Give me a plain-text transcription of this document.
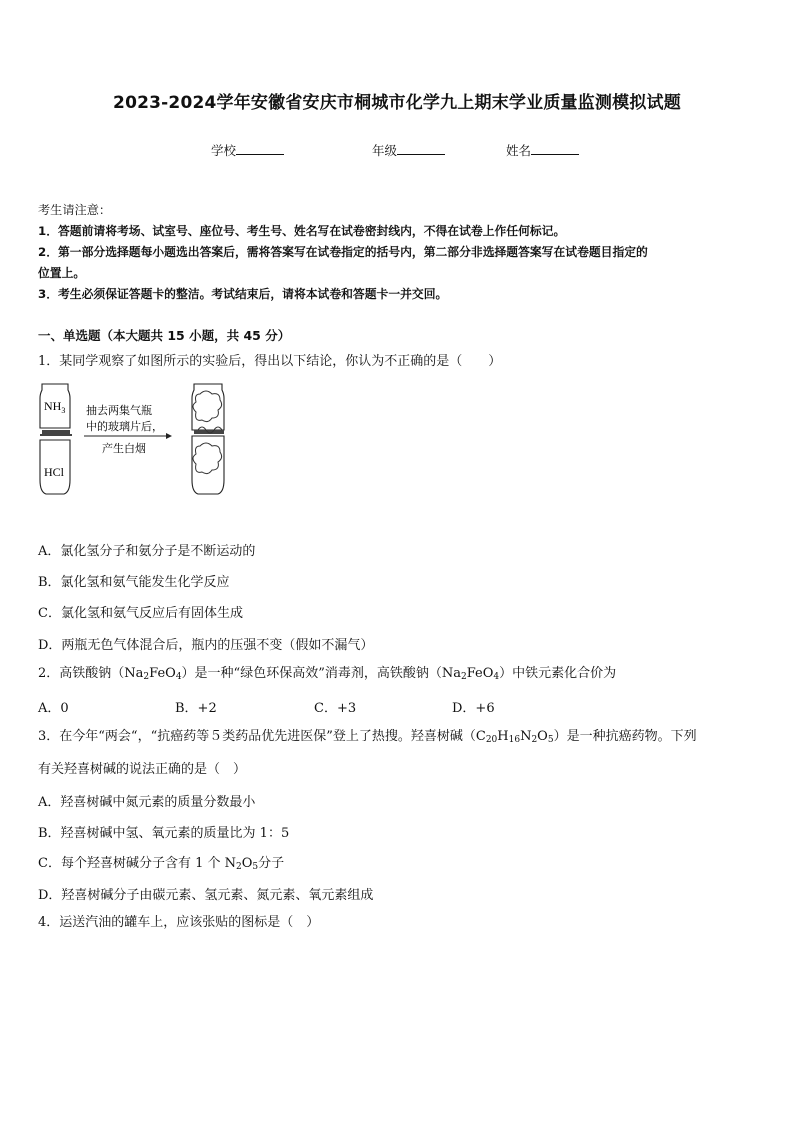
2023-2024学年安徽省安庆市桐城市化学九上期末学业质量监测模拟试题
学校	年级	姓名
考生请注意：
1．答题前请将考场、试室号、座位号、考生号、姓名写在试卷密封线内，不得在试卷上作任何标记。
2．第一部分选择题每小题选出答案后，需将答案写在试卷指定的括号内，第二部分非选择题答案写在试卷题目指定的
位置上。
3．考生必须保证答题卡的整洁。考试结束后，请将本试卷和答题卡一并交回。
一、单选题（本大题共 15 小题，共 45 分）
1．某同学观察了如图所示的实验后，得出以下结论，你认为不正确的是（　　）
$NH_3$
HCl
抽去两集气瓶
中的玻璃片后，
产生白烟
A．氯化氢分子和氨分子是不断运动的
B．氯化氢和氨气能发生化学反应
C．氯化氢和氨气反应后有固体生成
D．两瓶无色气体混合后，瓶内的压强不变（假如不漏气）
2．高铁酸钠$(Na_2FeO_4)$是一种“绿色环保高效”消毒剂，高铁酸钠$(Na_2FeO_4)$中铁元素化合价为
A．0	B．+2	C．+3	D．+6
3．在今年“两会“，“抗癌药等５类药品优先进医保”登上了热搜。羟喜树碱$(C_{20}H_{16}N_2O_5)$是一种抗癌药物。下列
有关羟喜树碱的说法正确的是（　）
A．羟喜树碱中氮元素的质量分数最小
B．羟喜树碱中氢、氧元素的质量比为 1：5
C．每个羟喜树碱分子含有 1 个 $N_2O_5$分子
D．羟喜树碱分子由碳元素、氢元素、氮元素、氧元素组成
4．运送汽油的罐车上，应该张贴的图标是（　）
